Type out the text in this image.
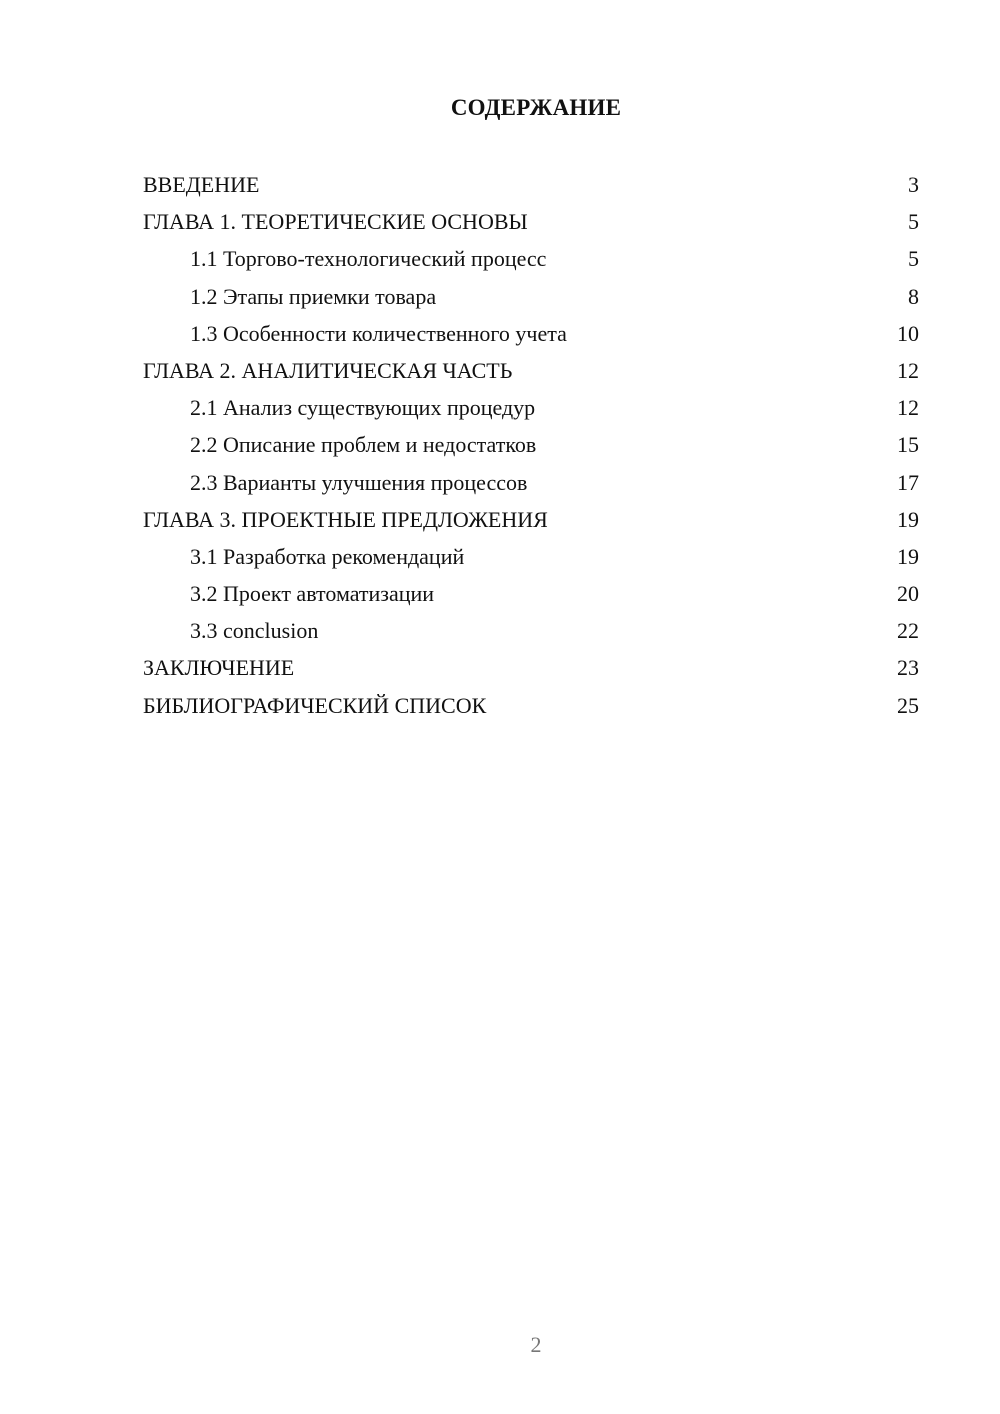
СОДЕРЖАНИЕ
ВВЕДЕНИЕ	3
ГЛАВА 1. ТЕОРЕТИЧЕСКИЕ ОСНОВЫ	5
1.1 Торгово-технологический процесс	5
1.2 Этапы приемки товара	8
1.3 Особенности количественного учета	10
ГЛАВА 2. АНАЛИТИЧЕСКАЯ ЧАСТЬ	12
2.1 Анализ существующих процедур	12
2.2 Описание проблем и недостатков	15
2.3 Варианты улучшения процессов	17
ГЛАВА 3. ПРОЕКТНЫЕ ПРЕДЛОЖЕНИЯ	19
3.1 Разработка рекомендаций	19
3.2 Проект автоматизации	20
3.3 conclusion	22
ЗАКЛЮЧЕНИЕ	23
БИБЛИОГРАФИЧЕСКИЙ СПИСОК	25
2
